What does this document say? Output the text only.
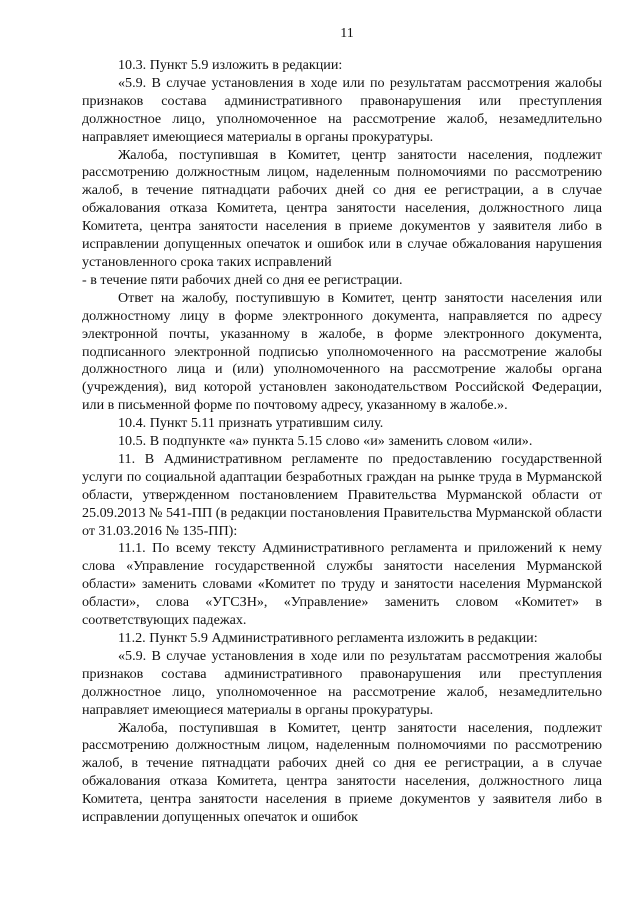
11

10.3. Пункт 5.9 изложить в редакции:

«5.9. В случае установления в ходе или по результатам рассмотрения жалобы признаков состава административного правонарушения или преступления должностное лицо, уполномоченное на рассмотрение жалоб, незамедлительно направляет имеющиеся материалы в органы прокуратуры.

Жалоба, поступившая в Комитет, центр занятости населения, подлежит рассмотрению должностным лицом, наделенным полномочиями по рассмотрению жалоб, в течение пятнадцати рабочих дней со дня ее регистрации, а в случае обжалования отказа Комитета, центра занятости населения, должностного лица Комитета, центра занятости населения в приеме документов у заявителя либо в исправлении допущенных опечаток и ошибок или в случае обжалования нарушения установленного срока таких исправлений

- в течение пяти рабочих дней со дня ее регистрации.

Ответ на жалобу, поступившую в Комитет, центр занятости населения или должностному лицу в форме электронного документа, направляется по адресу электронной почты, указанному в жалобе, в форме электронного документа, подписанного электронной подписью уполномоченного на рассмотрение жалобы должностного лица и (или) уполномоченного на рассмотрение жалобы органа (учреждения), вид которой установлен законодательством Российской Федерации, или в письменной форме по почтовому адресу, указанному в жалобе.».

10.4. Пункт 5.11 признать утратившим силу.

10.5. В подпункте «а» пункта 5.15 слово «и» заменить словом «или».

11. В Административном регламенте по предоставлению государственной услуги по социальной адаптации безработных граждан на рынке труда в Мурманской области, утвержденном постановлением Правительства Мурманской области от 25.09.2013 № 541-ПП (в редакции постановления Правительства Мурманской области от 31.03.2016 № 135-ПП):

11.1. По всему тексту Административного регламента и приложений к нему слова «Управление государственной службы занятости населения Мурманской области» заменить словами «Комитет по труду и занятости населения Мурманской области», слова «УГСЗН», «Управление» заменить словом «Комитет» в соответствующих падежах.

11.2. Пункт 5.9 Административного регламента изложить в редакции:

«5.9. В случае установления в ходе или по результатам рассмотрения жалобы признаков состава административного правонарушения или преступления должностное лицо, уполномоченное на рассмотрение жалоб, незамедлительно направляет имеющиеся материалы в органы прокуратуры.

Жалоба, поступившая в Комитет, центр занятости населения, подлежит рассмотрению должностным лицом, наделенным полномочиями по рассмотрению жалоб, в течение пятнадцати рабочих дней со дня ее регистрации, а в случае обжалования отказа Комитета, центра занятости населения, должностного лица Комитета, центра занятости населения в приеме документов у заявителя либо в исправлении допущенных опечаток и ошибок
